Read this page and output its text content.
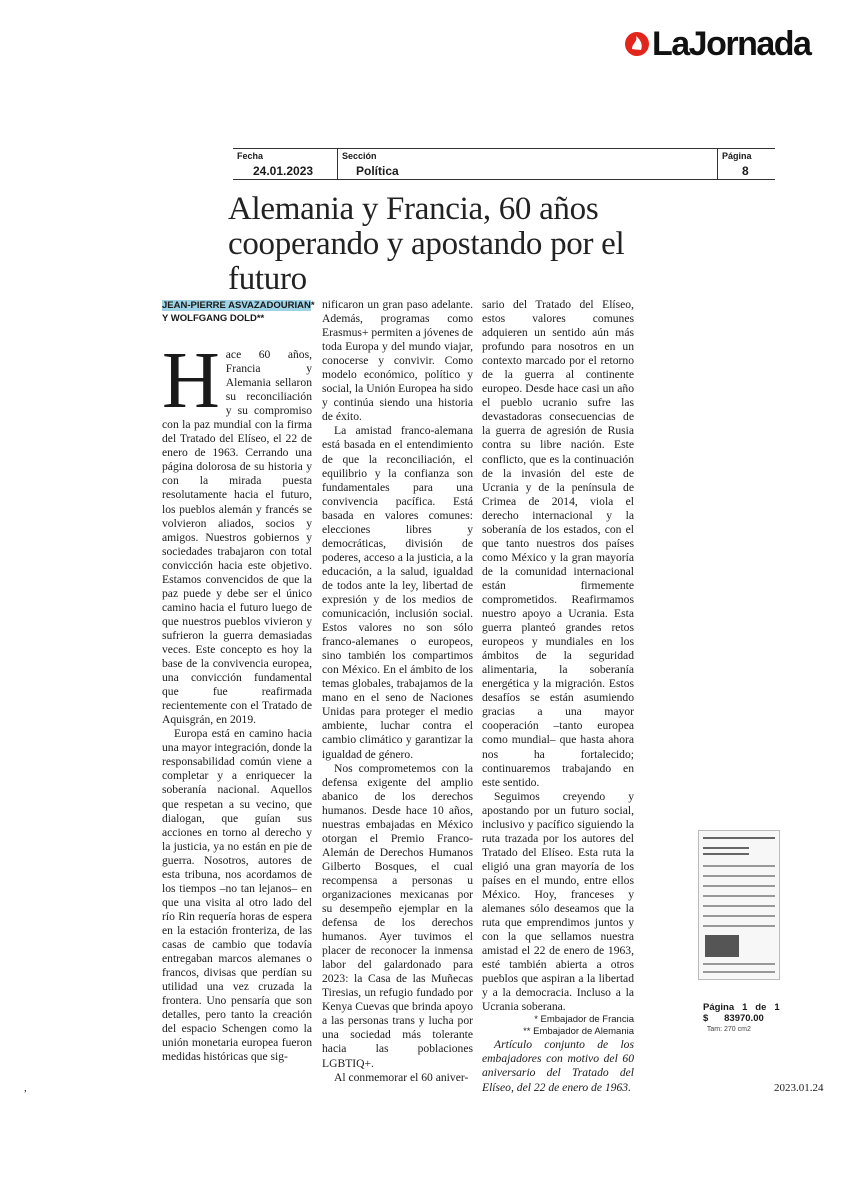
LaJornada
Fecha
24.01.2023
Sección
Política
Página
8
Alemania y Francia, 60 años cooperando y apostando por el futuro
JEAN-PIERRE ASVAZADOURIAN*
Y WOLFGANG DOLD**

Hace 60 años, Francia y Alemania sellaron su reconciliación y su compromiso con la paz mundial con la firma del Tratado del Elíseo, el 22 de enero de 1963. Cerrando una página dolorosa de su historia y con la mirada puesta resolutamente hacia el futuro, los pueblos alemán y francés se volvieron aliados, socios y amigos. Nuestros gobiernos y sociedades trabajaron con total convicción hacia este objetivo. Estamos convencidos de que la paz puede y debe ser el único camino hacia el futuro luego de que nuestros pueblos vivieron y sufrieron la guerra demasiadas veces. Este concepto es hoy la base de la convivencia europea, una convicción fundamental que fue reafirmada recientemente con el Tratado de Aquisgrán, en 2019.

Europa está en camino hacia una mayor integración, donde la responsabilidad común viene a completar y a enriquecer la soberanía nacional. Aquellos que respetan a su vecino, que dialogan, que guían sus acciones en torno al derecho y la justicia, ya no están en pie de guerra. Nosotros, autores de esta tribuna, nos acordamos de los tiempos –no tan lejanos– en que una visita al otro lado del río Rin requería horas de espera en la estación fronteriza, de las casas de cambio que todavía entregaban marcos alemanes o francos, divisas que perdían su utilidad una vez cruzada la frontera. Uno pensaría que son detalles, pero tanto la creación del espacio Schengen como la unión monetaria europea fueron medidas históricas que sig-

nificaron un gran paso adelante. Además, programas como Erasmus+ permiten a jóvenes de toda Europa y del mundo viajar, conocerse y convivir. Como modelo económico, político y social, la Unión Europea ha sido y continúa siendo una historia de éxito.

La amistad franco-alemana está basada en el entendimiento de que la reconciliación, el equilibrio y la confianza son fundamentales para una convivencia pacífica. Está basada en valores comunes: elecciones libres y democráticas, división de poderes, acceso a la justicia, a la educación, a la salud, igualdad de todos ante la ley, libertad de expresión y de los medios de comunicación, inclusión social. Estos valores no son sólo franco-alemanes o europeos, sino también los compartimos con México. En el ámbito de los temas globales, trabajamos de la mano en el seno de Naciones Unidas para proteger el medio ambiente, luchar contra el cambio climático y garantizar la igualdad de género.

Nos comprometemos con la defensa exigente del amplio abanico de los derechos humanos. Desde hace 10 años, nuestras embajadas en México otorgan el Premio Franco-Alemán de Derechos Humanos Gilberto Bosques, el cual recompensa a personas u organizaciones mexicanas por su desempeño ejemplar en la defensa de los derechos humanos. Ayer tuvimos el placer de reconocer la inmensa labor del galardonado para 2023: la Casa de las Muñecas Tiresias, un refugio fundado por Kenya Cuevas que brinda apoyo a las personas trans y lucha por una sociedad más tolerante hacia las poblaciones LGBTIQ+.

Al conmemorar el 60 aniver-

sario del Tratado del Elíseo, estos valores comunes adquieren un sentido aún más profundo para nosotros en un contexto marcado por el retorno de la guerra al continente europeo. Desde hace casi un año el pueblo ucranio sufre las devastadoras consecuencias de la guerra de agresión de Rusia contra su libre nación. Este conflicto, que es la continuación de la invasión del este de Ucrania y de la península de Crimea de 2014, viola el derecho internacional y la soberanía de los estados, con el que tanto nuestros dos países como México y la gran mayoría de la comunidad internacional están firmemente comprometidos. Reafirmamos nuestro apoyo a Ucrania. Esta guerra planteó grandes retos europeos y mundiales en los ámbitos de la seguridad alimentaria, la soberanía energética y la migración. Estos desafíos se están asumiendo gracias a una mayor cooperación –tanto europea como mundial– que hasta ahora nos ha fortalecido; continuaremos trabajando en este sentido.

Seguimos creyendo y apostando por un futuro social, inclusivo y pacífico siguiendo la ruta trazada por los autores del Tratado del Elíseo. Esta ruta la eligió una gran mayoría de los países en el mundo, entre ellos México. Hoy, franceses y alemanes sólo deseamos que la ruta que emprendimos juntos y con la que sellamos nuestra amistad el 22 de enero de 1963, esté también abierta a otros pueblos que aspiran a la libertad y a la democracia. Incluso a la Ucrania soberana.

* Embajador de Francia
** Embajador de Alemania

Artículo conjunto de los embajadores con motivo del 60 aniversario del Tratado del Elíseo, del 22 de enero de 1963.

Página 1 de 1
$ 83970.00
Tam: 270 cm2
,	2023.01.24
